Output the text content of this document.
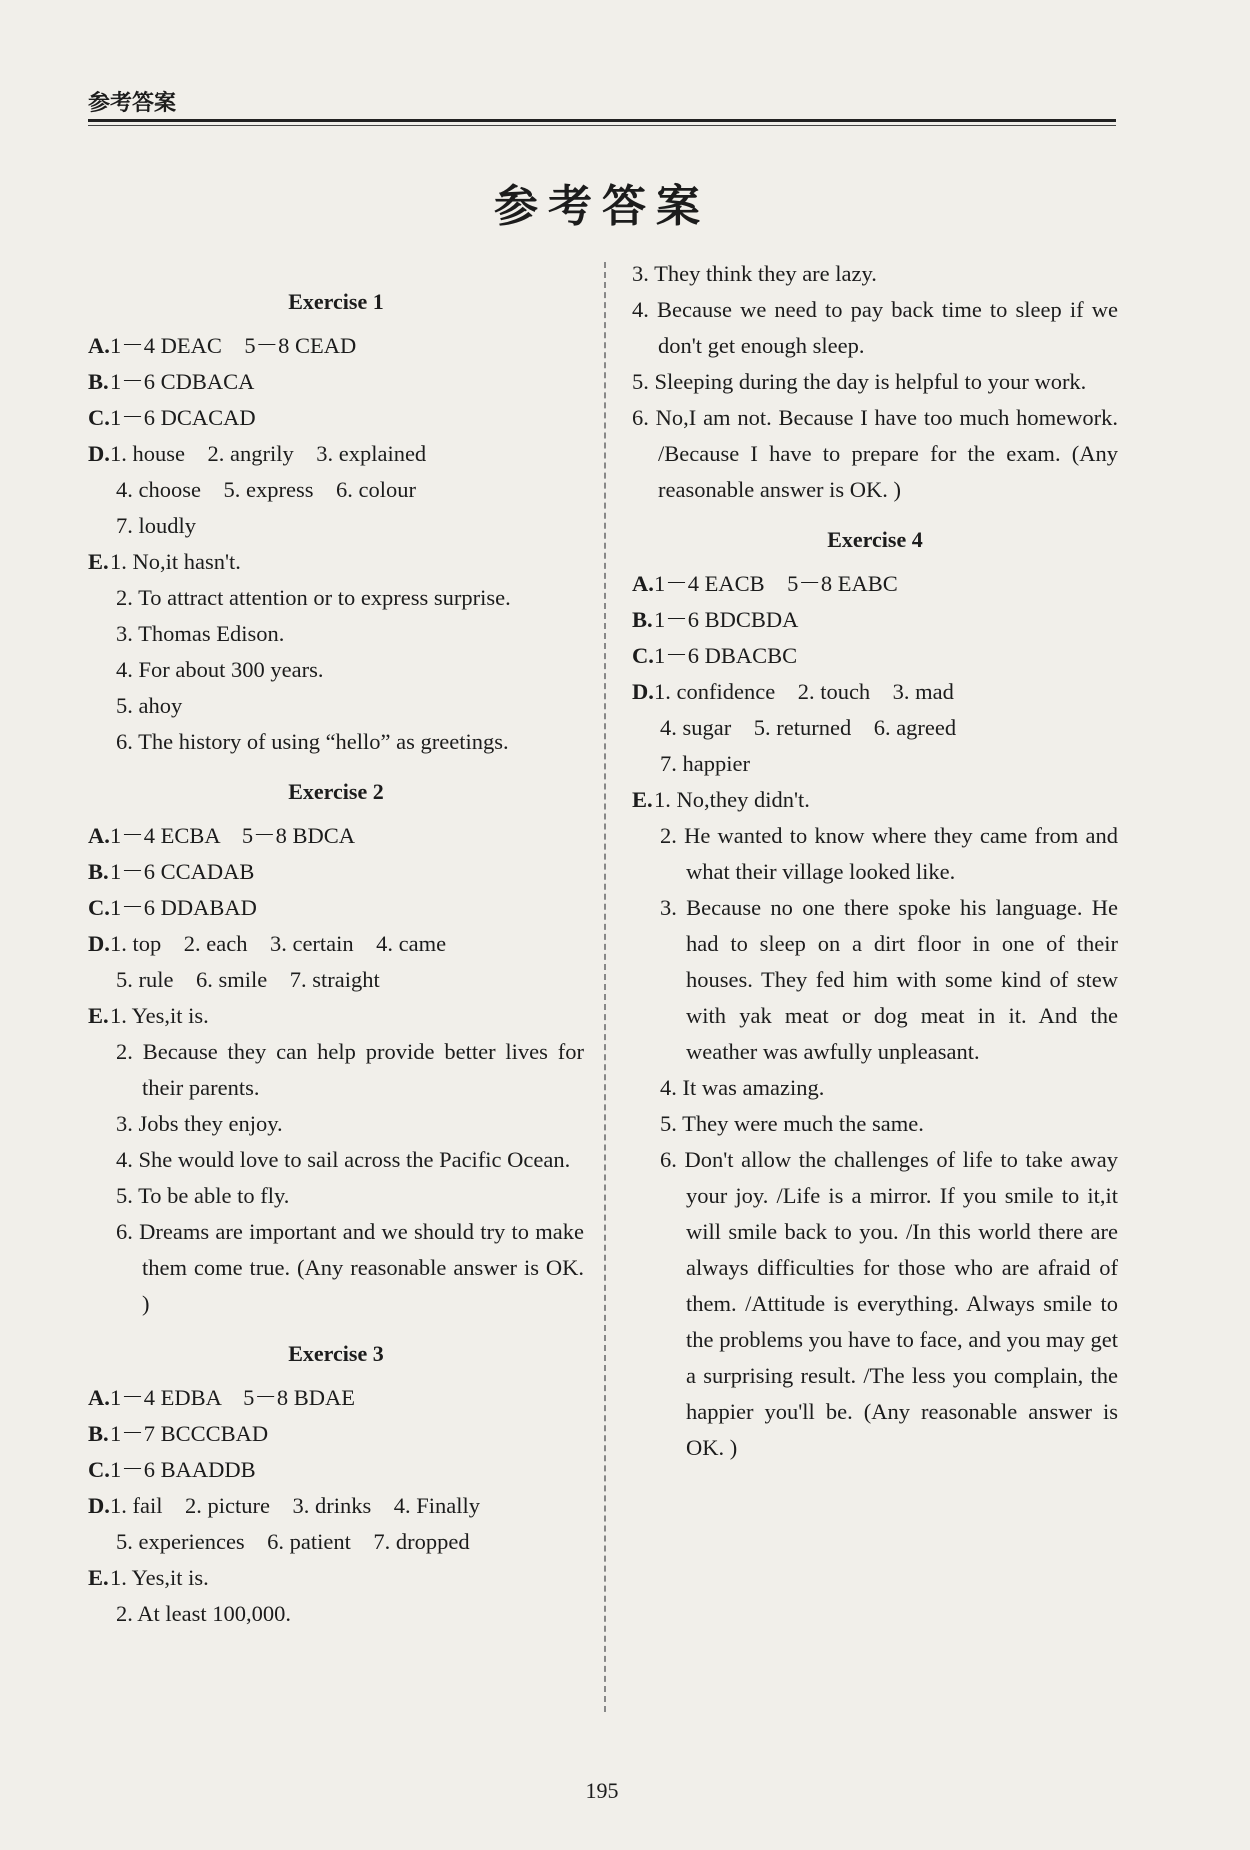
参考答案
参考答案
Exercise 1
A. 1－4 DEAC　5－8 CEAD
B. 1－6 CDBACA
C. 1－6 DCACAD
D. 1. house　2. angrily　3. explained
4. choose　5. express　6. colour
7. loudly
E. 1. No,it hasn't.
2. To attract attention or to express surprise.
3. Thomas Edison.
4. For about 300 years.
5. ahoy
6. The history of using “hello” as greetings.
Exercise 2
A. 1－4 ECBA　5－8 BDCA
B. 1－6 CCADAB
C. 1－6 DDABAD
D. 1. top　2. each　3. certain　4. came
5. rule　6. smile　7. straight
E. 1. Yes,it is.
2. Because they can help provide better lives for their parents.
3. Jobs they enjoy.
4. She would love to sail across the Pacific Ocean.
5. To be able to fly.
6. Dreams are important and we should try to make them come true. (Any reasonable answer is OK. )
Exercise 3
A. 1－4 EDBA　5－8 BDAE
B. 1－7 BCCCBAD
C. 1－6 BAADDB
D. 1. fail　2. picture　3. drinks　4. Finally
5. experiences　6. patient　7. dropped
E. 1. Yes,it is.
2. At least 100,000.
3. They think they are lazy.
4. Because we need to pay back time to sleep if we don't get enough sleep.
5. Sleeping during the day is helpful to your work.
6. No,I am not. Because I have too much homework. /Because I have to prepare for the exam. (Any reasonable answer is OK. )
Exercise 4
A. 1－4 EACB　5－8 EABC
B. 1－6 BDCBDA
C. 1－6 DBACBC
D. 1. confidence　2. touch　3. mad
4. sugar　5. returned　6. agreed
7. happier
E. 1. No,they didn't.
2. He wanted to know where they came from and what their village looked like.
3. Because no one there spoke his language. He had to sleep on a dirt floor in one of their houses. They fed him with some kind of stew with yak meat or dog meat in it. And the weather was awfully unpleasant.
4. It was amazing.
5. They were much the same.
6. Don't allow the challenges of life to take away your joy. /Life is a mirror. If you smile to it,it will smile back to you. /In this world there are always difficulties for those who are afraid of them. /Attitude is everything. Always smile to the problems you have to face, and you may get a surprising result. /The less you complain, the happier you'll be. (Any reasonable answer is OK. )
195
